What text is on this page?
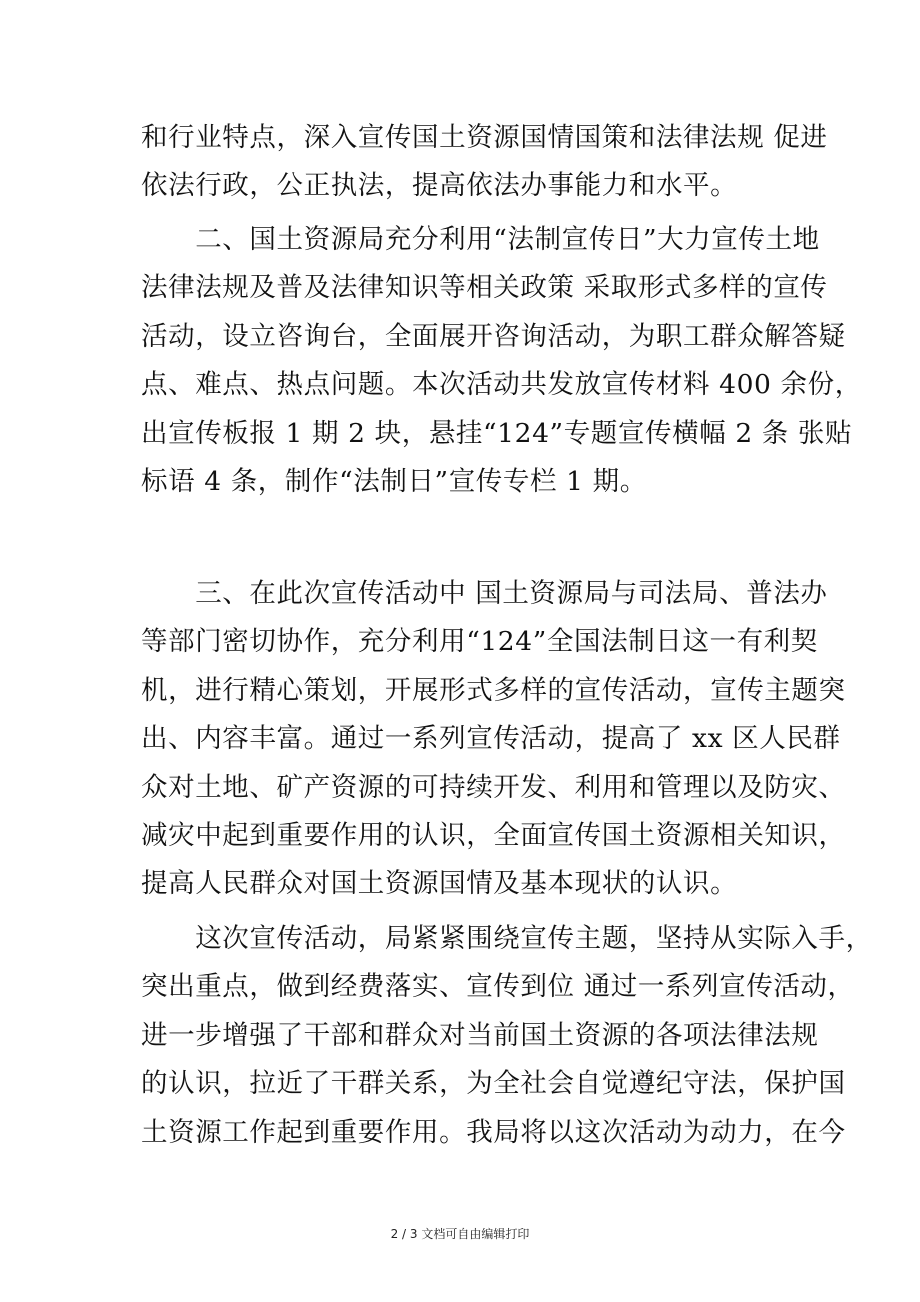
和行业特点，深入宣传国土资源国情国策和法律法规 促进
依法行政，公正执法，提高依法办事能力和水平。
　　二、国土资源局充分利用“法制宣传日”大力宣传土地
法律法规及普及法律知识等相关政策 采取形式多样的宣传
活动，设立咨询台，全面展开咨询活动，为职工群众解答疑
点、难点、热点问题。本次活动共发放宣传材料 400 余份，
出宣传板报 1 期 2 块，悬挂“124”专题宣传横幅 2 条 张贴
标语 4 条，制作“法制日”宣传专栏 1 期。
　　三、在此次宣传活动中 国土资源局与司法局、普法办
等部门密切协作，充分利用“124”全国法制日这一有利契
机，进行精心策划，开展形式多样的宣传活动，宣传主题突
出、内容丰富。通过一系列宣传活动，提高了 xx 区人民群
众对土地、矿产资源的可持续开发、利用和管理以及防灾、
减灾中起到重要作用的认识，全面宣传国土资源相关知识，
提高人民群众对国土资源国情及基本现状的认识。
　　这次宣传活动，局紧紧围绕宣传主题，坚持从实际入手，
突出重点，做到经费落实、宣传到位 通过一系列宣传活动，
进一步增强了干部和群众对当前国土资源的各项法律法规
的认识，拉近了干群关系，为全社会自觉遵纪守法，保护国
土资源工作起到重要作用。我局将以这次活动为动力，在今
2 / 3 文档可自由编辑打印
